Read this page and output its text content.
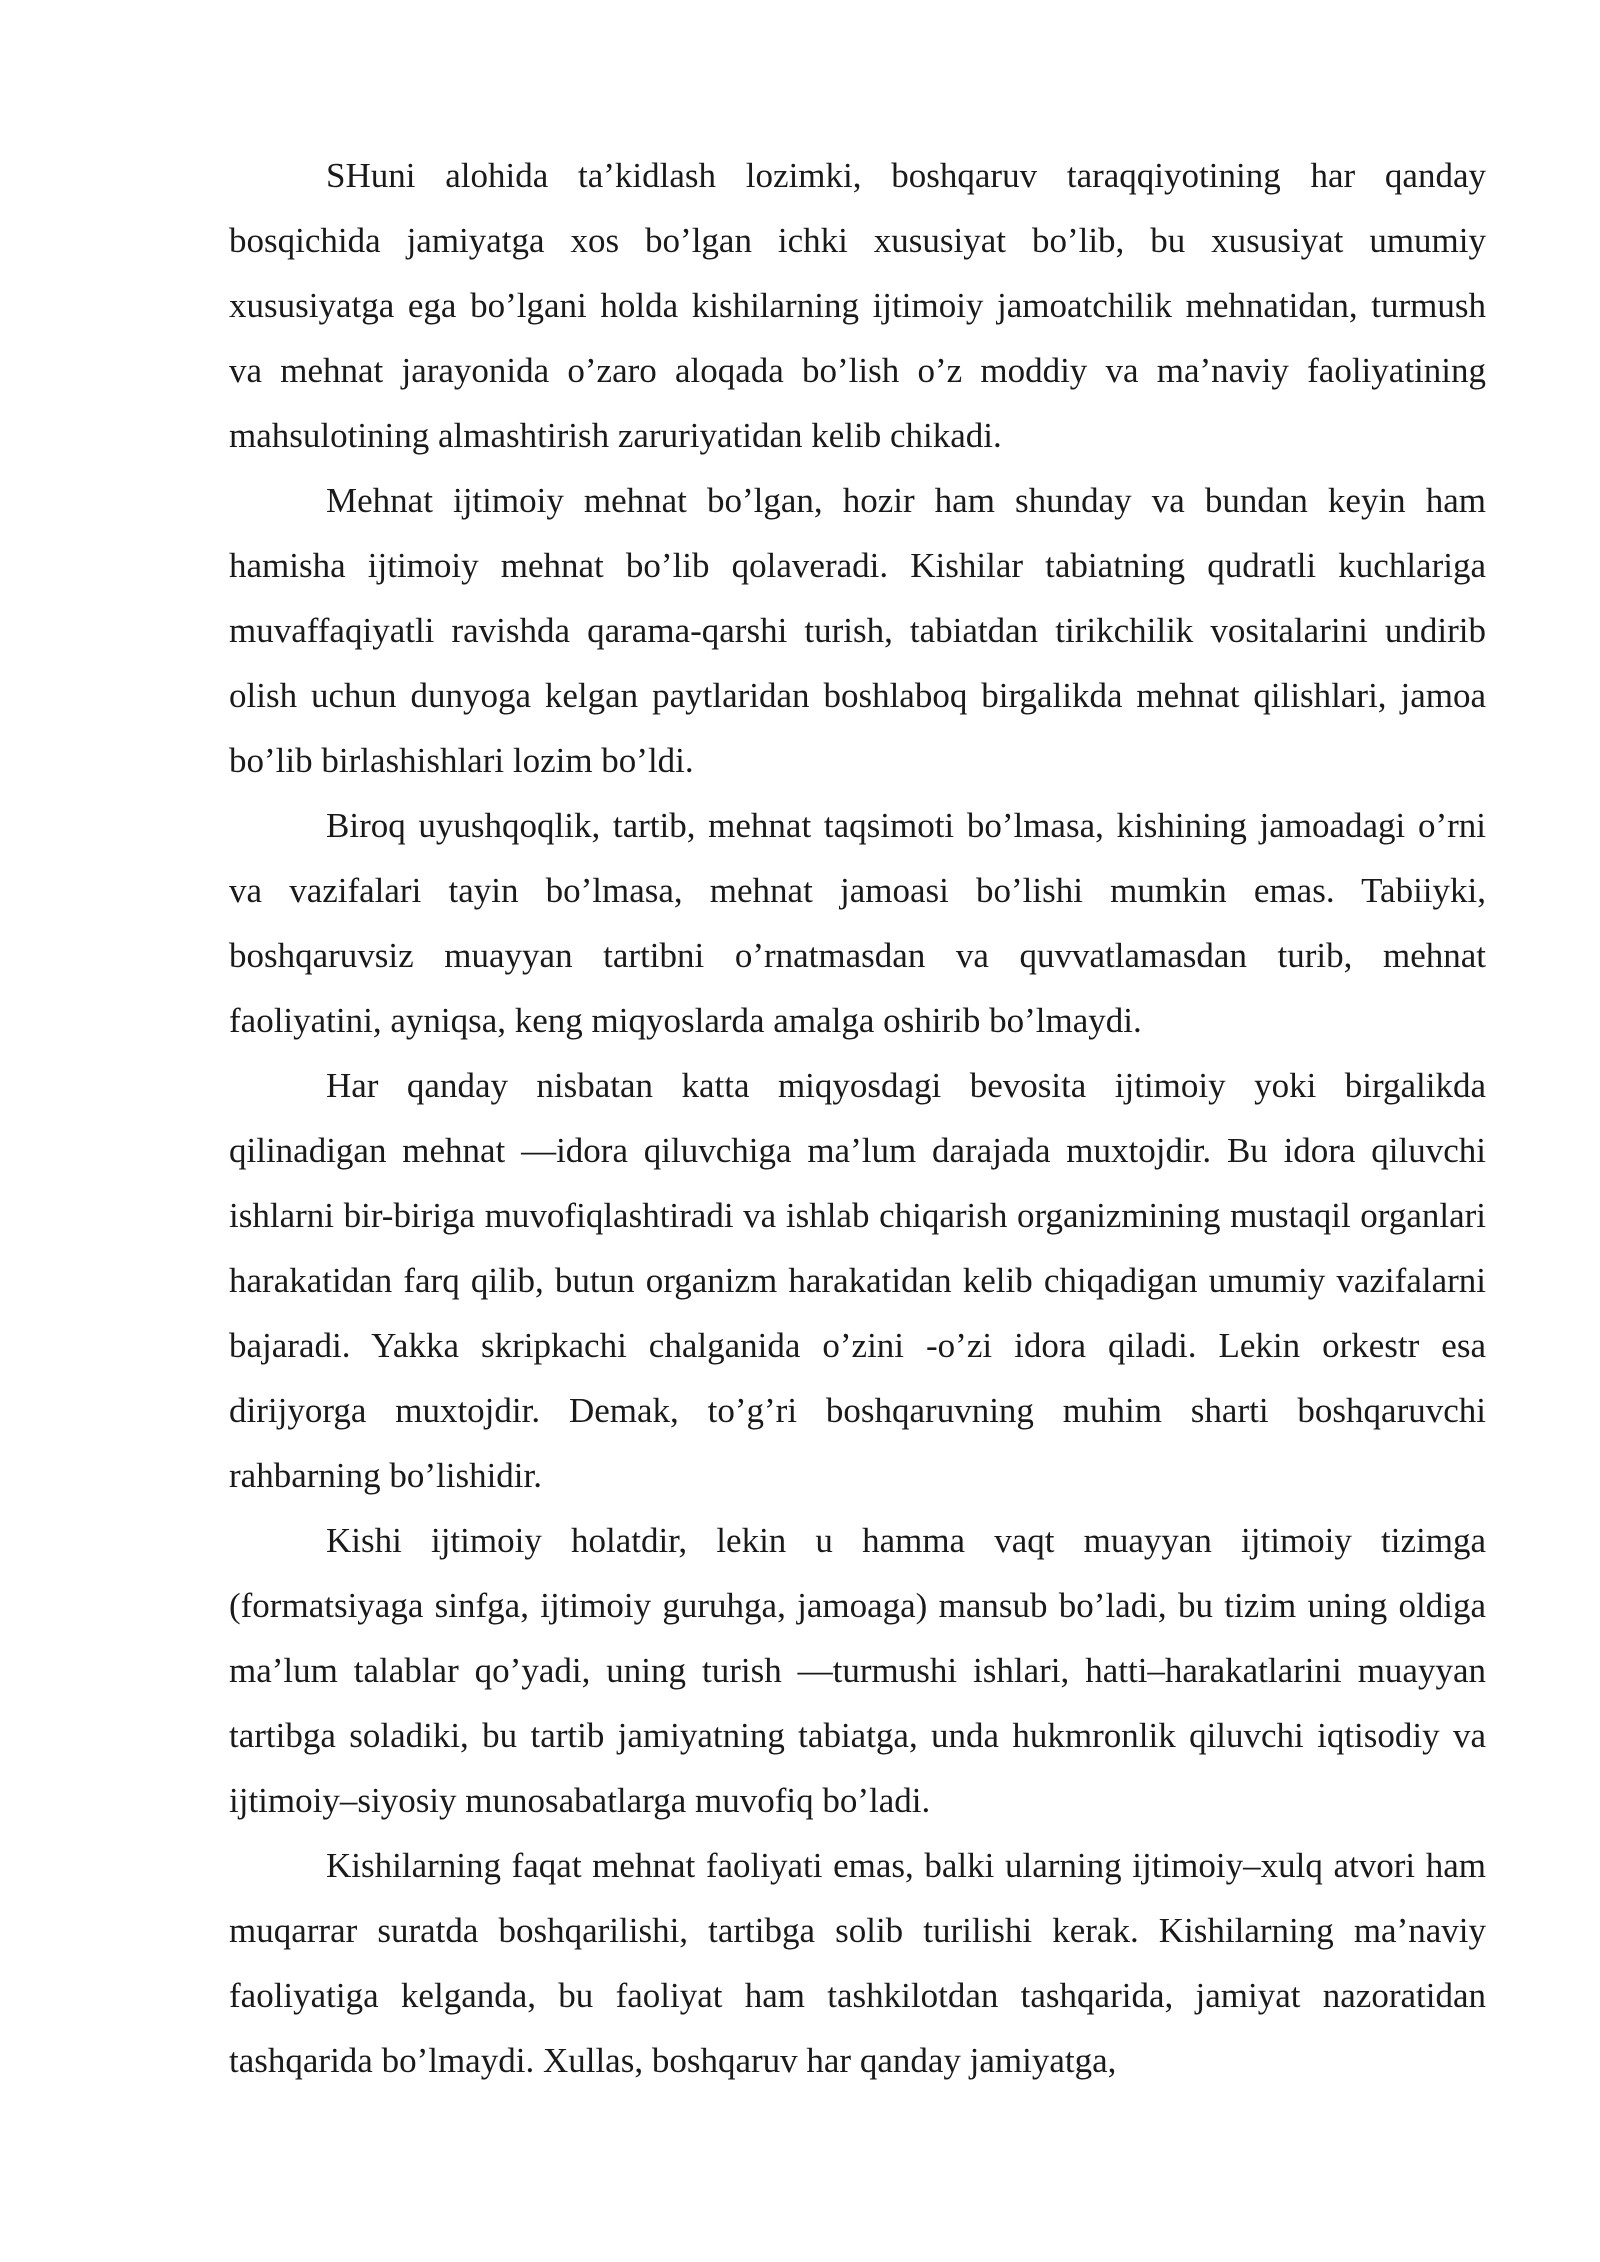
SHuni alohida ta’kidlash lozimki, boshqaruv taraqqiyotining har qanday bosqichida jamiyatga xos bo’lgan ichki xususiyat bo’lib, bu xususiyat umumiy xususiyatga ega bo’lgani holda kishilarning ijtimoiy jamoatchilik mehnatidan, turmush va mehnat jarayonida o’zaro aloqada bo’lish o’z moddiy va ma’naviy faoliyatining mahsulotining almashtirish zaruriyatidan kelib chikadi.

Mehnat ijtimoiy mehnat bo’lgan, hozir ham shunday va bundan keyin ham hamisha ijtimoiy mehnat bo’lib qolaveradi. Kishilar tabiatning qudratli kuchlariga muvaffaqiyatli ravishda qarama-qarshi turish, tabiatdan tirikchilik vositalarini undirib olish uchun dunyoga kelgan paytlaridan boshlaboq birgalikda mehnat qilishlari, jamoa bo’lib birlashishlari lozim bo’ldi.

Biroq uyushqoqlik, tartib, mehnat taqsimoti bo’lmasa, kishining jamoadagi o’rni va vazifalari tayin bo’lmasa, mehnat jamoasi bo’lishi mumkin emas. Tabiiyki, boshqaruvsiz muayyan tartibni o’rnatmasdan va quvvatlamasdan turib, mehnat faoliyatini, ayniqsa, keng miqyoslarda amalga oshirib bo’lmaydi.

Har qanday nisbatan katta miqyosdagi bevosita ijtimoiy yoki birgalikda qilinadigan mehnat —idora qiluvchiga ma’lum darajada muxtojdir. Bu idora qiluvchi ishlarni bir-biriga muvofiqlashtiradi va ishlab chiqarish organizmining mustaqil organlari harakatidan farq qilib, butun organizm harakatidan kelib chiqadigan umumiy vazifalarni bajaradi. Yakka skripkachi chalganida o’zini -o’zi idora qiladi. Lekin orkestr esa dirijyorga muxtojdir. Demak, to’g’ri boshqaruvning muhim sharti boshqaruvchi rahbarning bo’lishidir.

Kishi ijtimoiy holatdir, lekin u hamma vaqt muayyan ijtimoiy tizimga (formatsiyaga sinfga, ijtimoiy guruhga, jamoaga) mansub bo’ladi, bu tizim uning oldiga ma’lum talablar qo’yadi, uning turish —turmushi ishlari, hatti–harakatlarini muayyan tartibga soladiki, bu tartib jamiyatning tabiatga, unda hukmronlik qiluvchi iqtisodiy va ijtimoiy–siyosiy munosabatlarga muvofiq bo’ladi.

Kishilarning faqat mehnat faoliyati emas, balki ularning ijtimoiy–xulq atvori ham muqarrar suratda boshqarilishi, tartibga solib turilishi kerak. Kishilarning ma’naviy faoliyatiga kelganda, bu faoliyat ham tashkilotdan tashqarida, jamiyat nazoratidan tashqarida bo’lmaydi. Xullas, boshqaruv har qanday jamiyatga,
